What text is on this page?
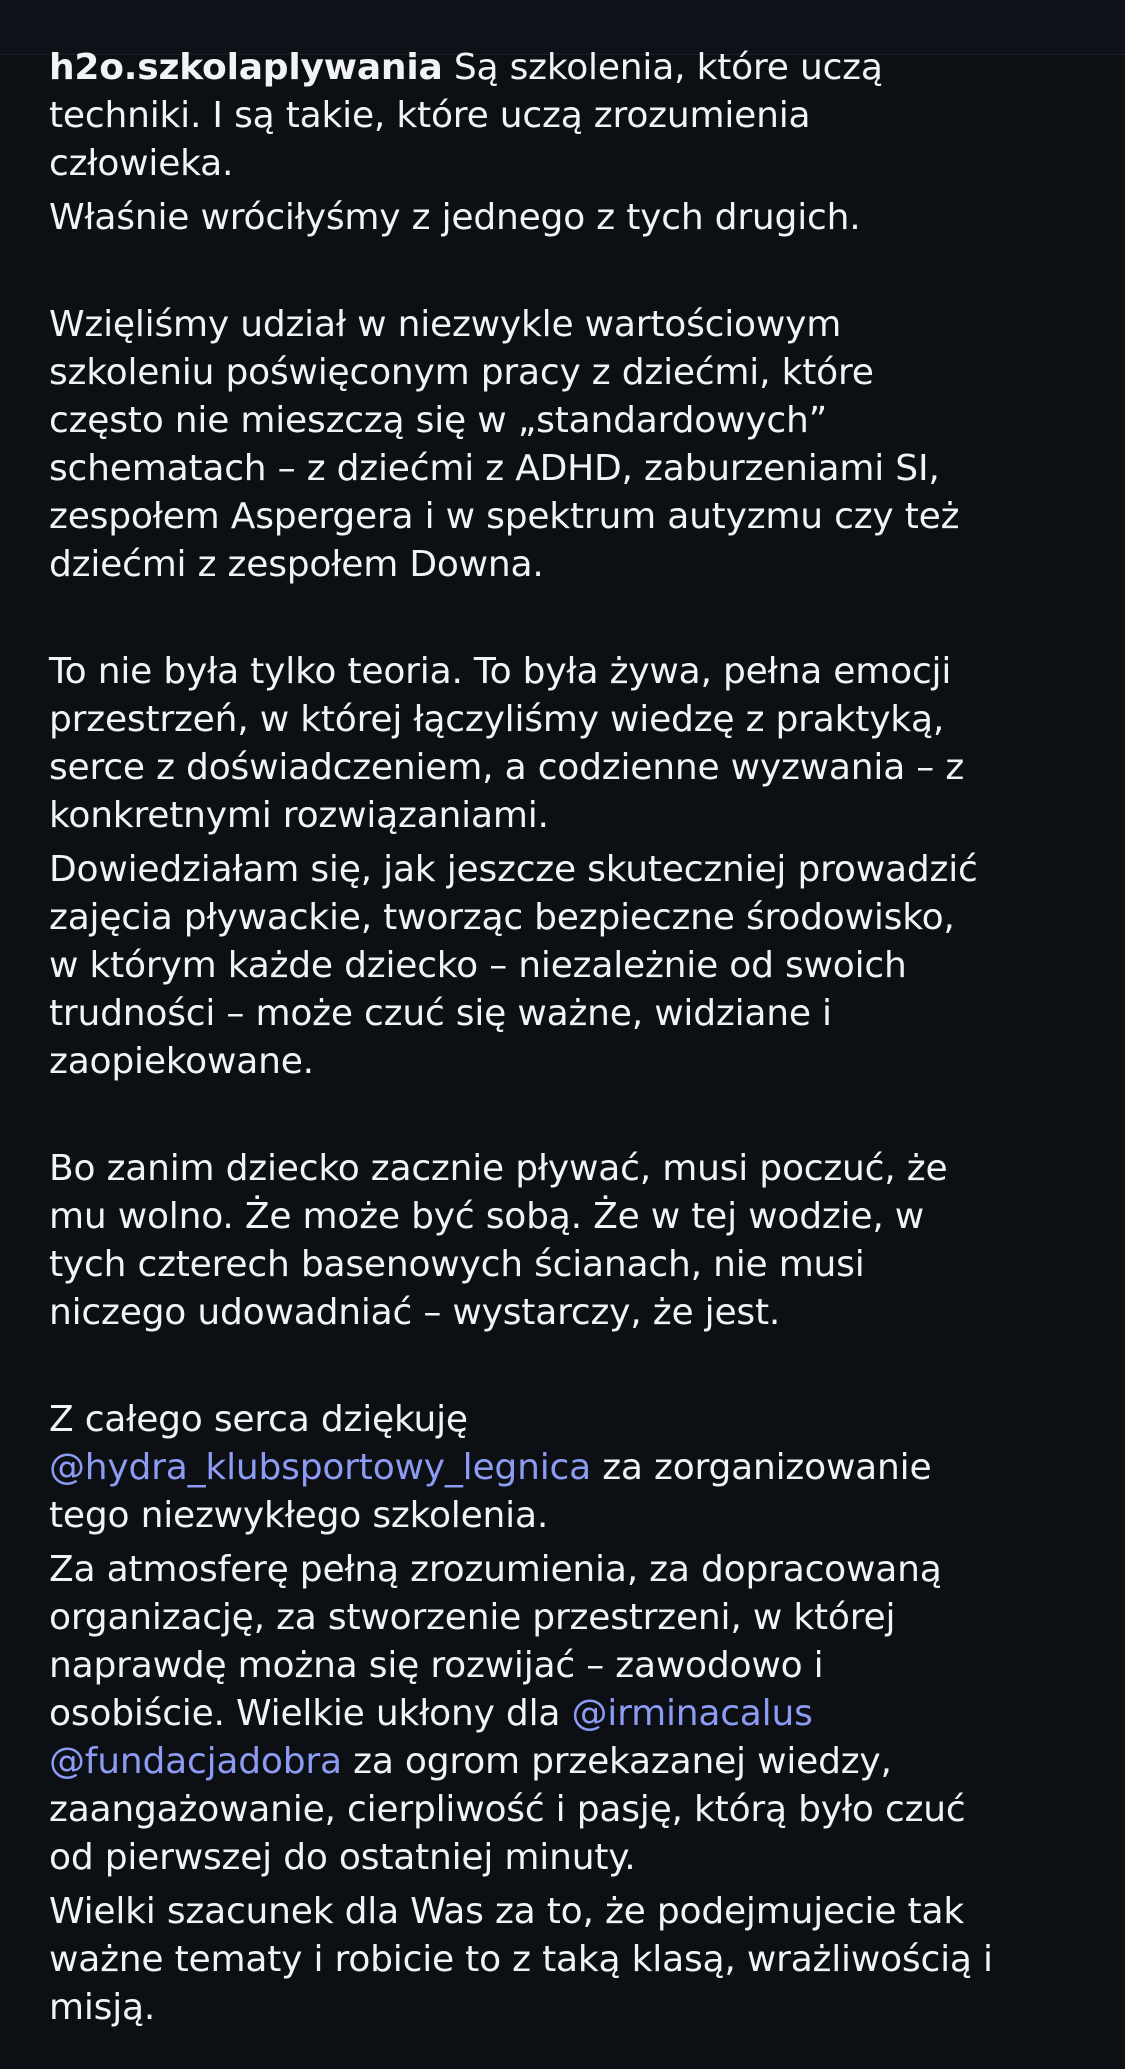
h2o.szkolaplywania Są szkolenia, które uczą

techniki. I są takie, które uczą zrozumienia

człowieka.

Właśnie wróciłyśmy z jednego z tych drugich.

Wzięliśmy udział w niezwykle wartościowym

szkoleniu poświęconym pracy z dziećmi, które

często nie mieszczą się w „standardowych”

schematach – z dziećmi z ADHD, zaburzeniami SI,

zespołem Aspergera i w spektrum autyzmu czy też

dziećmi z zespołem Downa.

To nie była tylko teoria. To była żywa, pełna emocji

przestrzeń, w której łączyliśmy wiedzę z praktyką,

serce z doświadczeniem, a codzienne wyzwania – z

konkretnymi rozwiązaniami.

Dowiedziałam się, jak jeszcze skuteczniej prowadzić

zajęcia pływackie, tworząc bezpieczne środowisko,

w którym każde dziecko – niezależnie od swoich

trudności – może czuć się ważne, widziane i

zaopiekowane.

Bo zanim dziecko zacznie pływać, musi poczuć, że

mu wolno. Że może być sobą. Że w tej wodzie, w

tych czterech basenowych ścianach, nie musi

niczego udowadniać – wystarczy, że jest.

Z całego serca dziękuję

@hydra_klubsportowy_legnica za zorganizowanie

tego niezwykłego szkolenia.

Za atmosferę pełną zrozumienia, za dopracowaną

organizację, za stworzenie przestrzeni, w której

naprawdę można się rozwijać – zawodowo i

osobiście. Wielkie ukłony dla @irminacalus

@fundacjadobra za ogrom przekazanej wiedzy,

zaangażowanie, cierpliwość i pasję, którą było czuć

od pierwszej do ostatniej minuty.

Wielki szacunek dla Was za to, że podejmujecie tak

ważne tematy i robicie to z taką klasą, wrażliwością i

misją.
